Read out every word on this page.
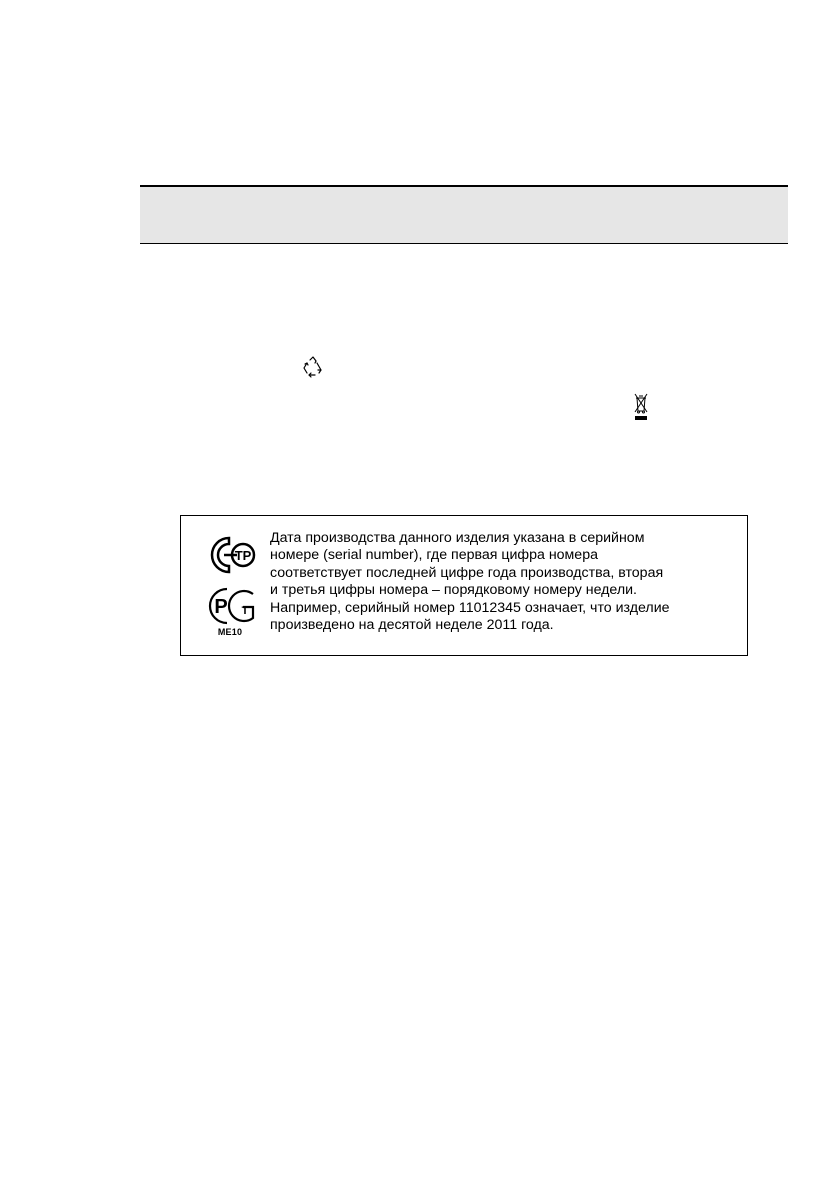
ТР
Р Т
ME10
Дата производства данного изделия указана в серийном
номере (serial number), где первая цифра номера
соответствует последней цифре года производства, вторая
и третья цифры номера – порядковому номеру недели.
Например, серийный номер 11012345 означает, что изделие
произведено на десятой неделе 2011 года.
